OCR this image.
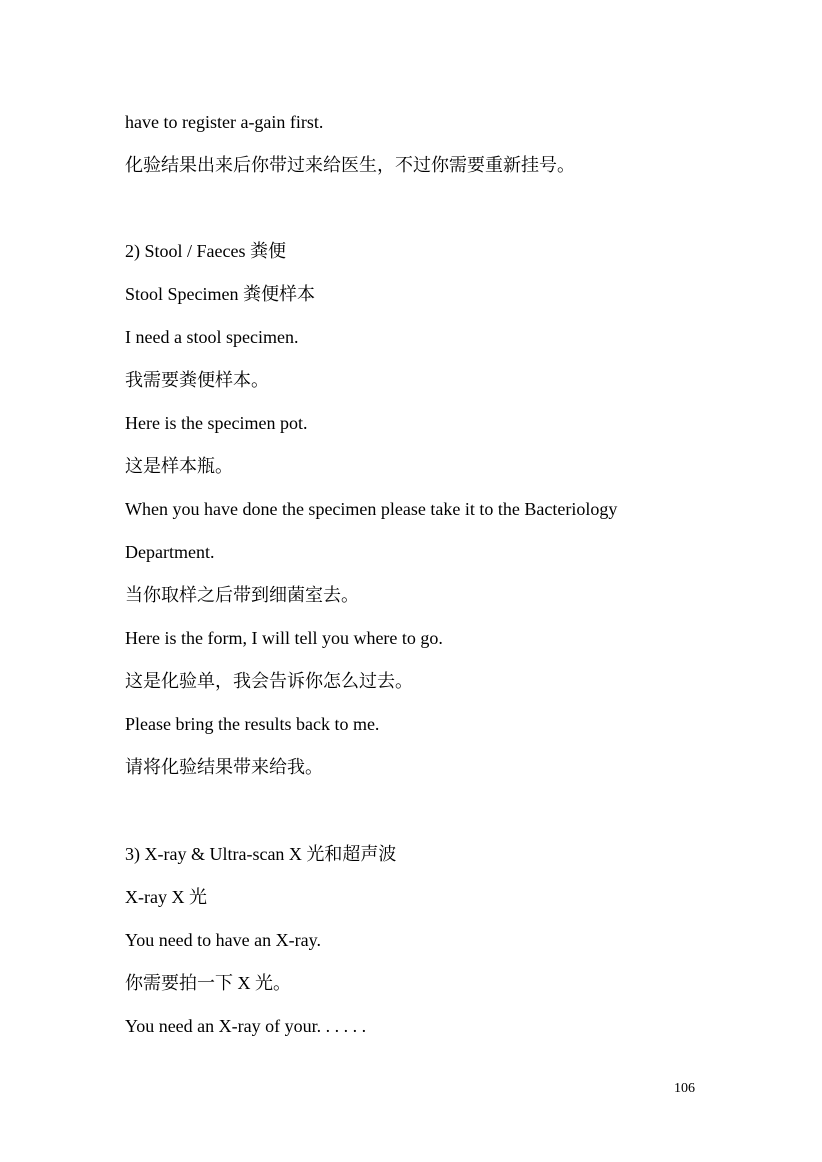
have to register a-gain first.
化验结果出来后你带过来给医生，不过你需要重新挂号。
2) Stool / Faeces 粪便
Stool Specimen 粪便样本
I need a stool specimen.
我需要粪便样本。
Here is the specimen pot.
这是样本瓶。
When you have done the specimen please take it to the Bacteriology
Department.
当你取样之后带到细菌室去。
Here is the form, I will tell you where to go.
这是化验单，我会告诉你怎么过去。
Please bring the results back to me.
请将化验结果带来给我。
3) X-ray & Ultra-scan X 光和超声波
X-ray X 光
You need to have an X-ray.
你需要拍一下 X 光。
You need an X-ray of your. . . . . .
106
